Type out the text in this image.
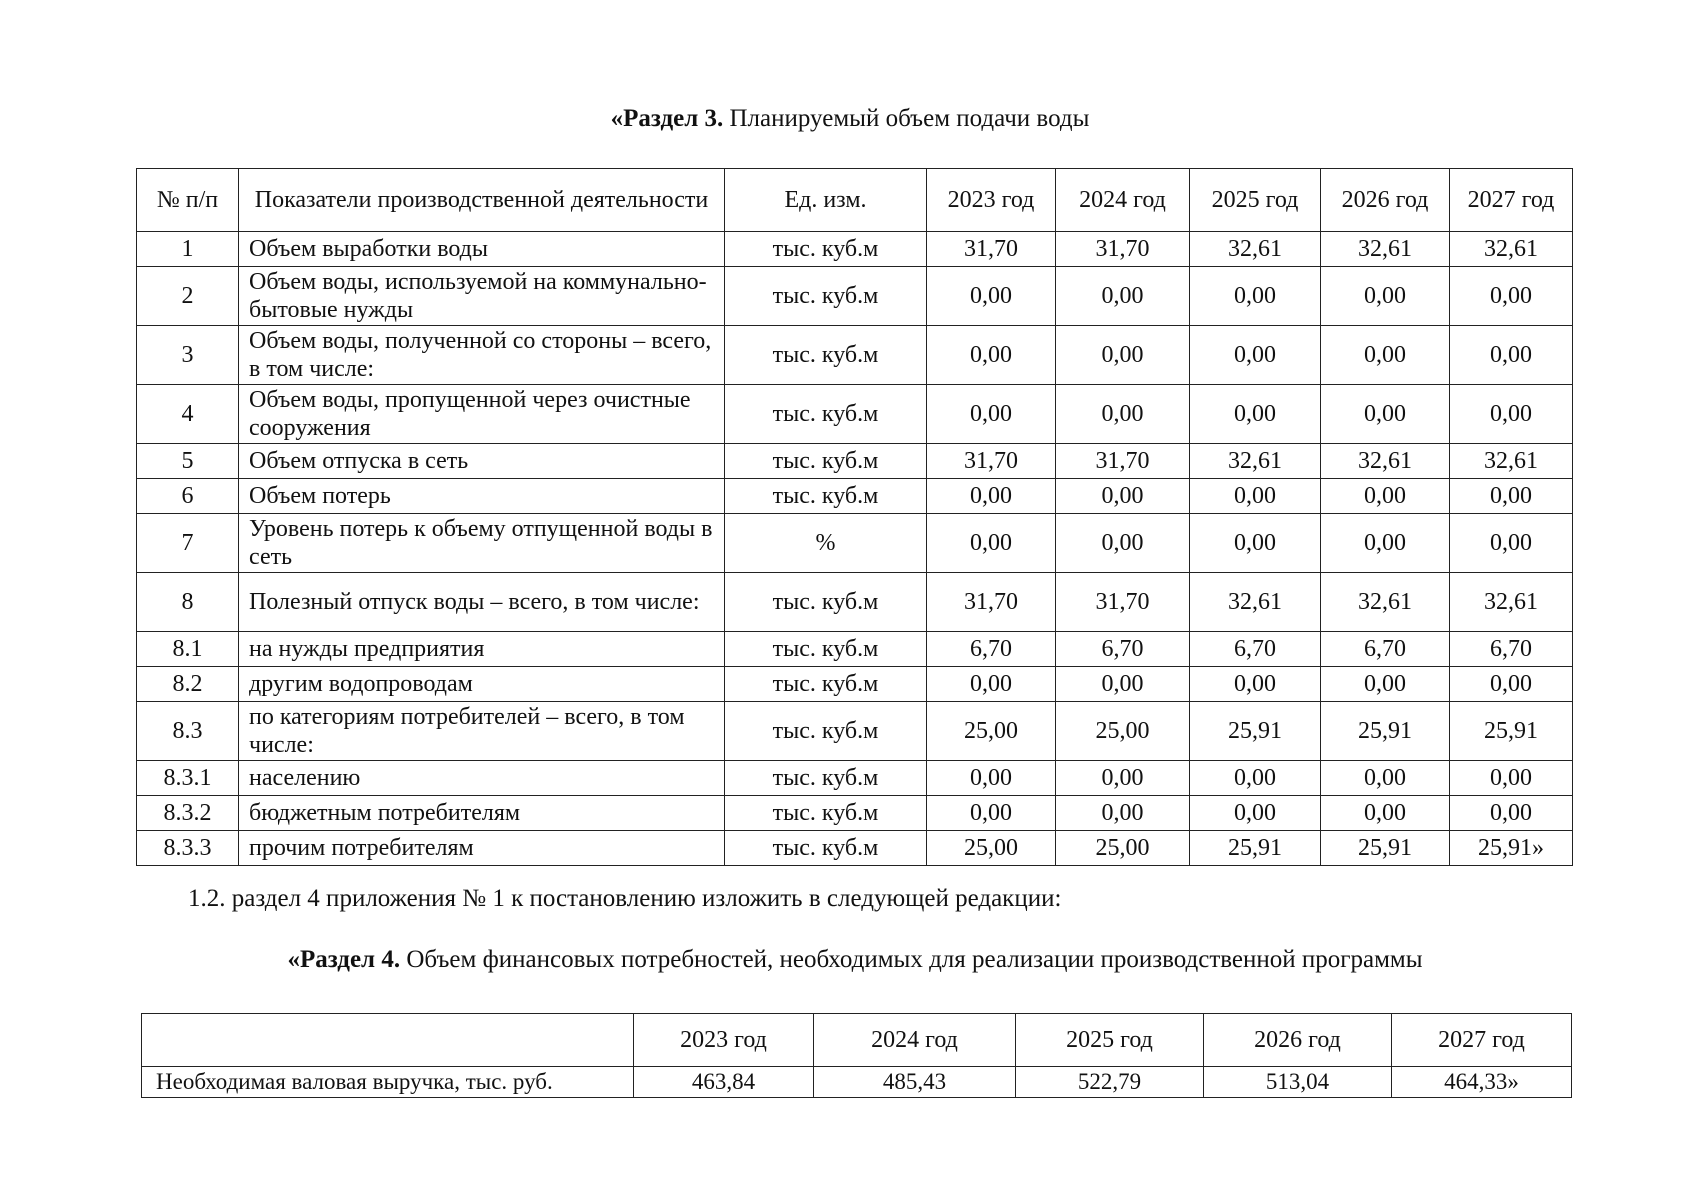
«Раздел 3. Планируемый объем подачи воды
№ п/п	Показатели производственной деятельности	Ед. изм.	2023 год	2024 год	2025 год	2026 год	2027 год
1	Объем выработки воды	тыс. куб.м	31,70	31,70	32,61	32,61	32,61
2	Объем воды, используемой на коммунально-бытовые нужды	тыс. куб.м	0,00	0,00	0,00	0,00	0,00
3	Объем воды, полученной со стороны – всего, в том числе:	тыс. куб.м	0,00	0,00	0,00	0,00	0,00
4	Объем воды, пропущенной через очистные сооружения	тыс. куб.м	0,00	0,00	0,00	0,00	0,00
5	Объем отпуска в сеть	тыс. куб.м	31,70	31,70	32,61	32,61	32,61
6	Объем потерь	тыс. куб.м	0,00	0,00	0,00	0,00	0,00
7	Уровень потерь к объему отпущенной воды в сеть	%	0,00	0,00	0,00	0,00	0,00
8	Полезный отпуск воды – всего, в том числе:	тыс. куб.м	31,70	31,70	32,61	32,61	32,61
8.1	на нужды предприятия	тыс. куб.м	6,70	6,70	6,70	6,70	6,70
8.2	другим водопроводам	тыс. куб.м	0,00	0,00	0,00	0,00	0,00
8.3	по категориям потребителей – всего, в том числе:	тыс. куб.м	25,00	25,00	25,91	25,91	25,91
8.3.1	населению	тыс. куб.м	0,00	0,00	0,00	0,00	0,00
8.3.2	бюджетным потребителям	тыс. куб.м	0,00	0,00	0,00	0,00	0,00
8.3.3	прочим потребителям	тыс. куб.м	25,00	25,00	25,91	25,91	25,91»
1.2. раздел 4 приложения № 1 к постановлению изложить в следующей редакции:
«Раздел 4. Объем финансовых потребностей, необходимых для реализации производственной программы
	2023 год	2024 год	2025 год	2026 год	2027 год
Необходимая валовая выручка, тыс. руб.	463,84	485,43	522,79	513,04	464,33»
